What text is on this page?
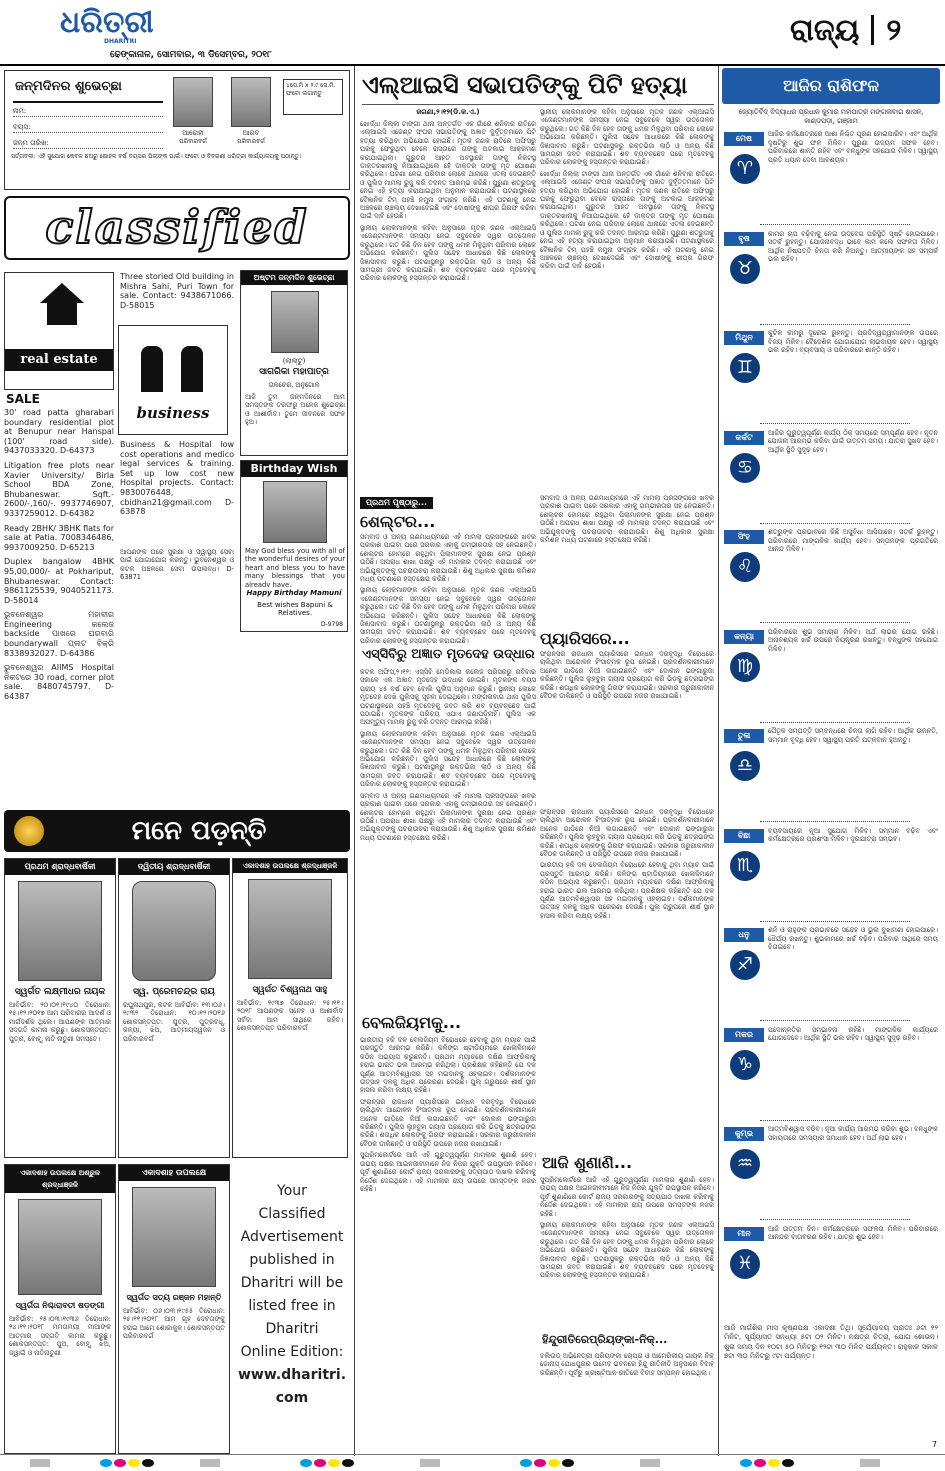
ଧରିତ୍ରୀ
DHARITRI
ଢେଙ୍କାନାଳ, ସୋମବାର, ୩ ଡିସେମ୍ବର, ୨୦୧୮
ରାଜ୍ୟ ୨
ଜନ୍ମଦିନର ଶୁଭେଚ୍ଛା
ନାମ:
ବୟସ:
ଜନ୍ମ ତାରିଖ:
ଆରୋହୀ
ପରିବାରବର୍ଗ
ଆରବ
ପରିବାରବର୍ଗ
୪ସେ.ମି x ୨.୯ ସେ.ମି. ଫଟୋ ଲଗାନ୍ତୁ
ସର୍ତ୍ତାବଳୀ: ଏହି ସୁଯୋଗ କେବଳ ଛଅରୁ ଷୋହଳ ବର୍ଷ ବୟସର ପିଲାଙ୍କ ପାଇଁ। ଫଟୋ ଓ ବିବରଣୀ ଧରିତ୍ରୀ କାର୍ଯ୍ୟାଳୟକୁ ପଠାନ୍ତୁ।
classified
real estate
SALE
30' road patta gharabari boundary residential plot at Benupur near Hanspal (100' road side). 9437033320. D-64373
Litigation free plots near Xavier University/ Birla School BDA Zone, Bhubaneswar. Sqft.- 2600/-,160/-. 9937746907, 9337259012. D-64382
Ready 2BHK/ 3BHK flats for sale at Patia. 7008346486, 9937009250. D-65213
Duplex bangalow 4BHK 95,00,000/- at Pokhariput, Bhubaneswar. Contact: 9861125539, 9040521173. D-58014
ଭୁବନେଶ୍ୱର ମହାବୀର Engineering କଲେଜ backside ପାଖରେ ଘରବାରି boundarywall ପ୍ଲଟ ବିକ୍ରି 8338932027. D-64386
ଭୁବନେଶ୍ୱର AIIMS Hospital ନିକଟରେ 30 road, corner plot sale. 8480745797. D-64387
business
Three storied Old building in Mishra Sahi, Puri Town for sale. Contact: 9438671066. D-58015
Business & Hospital low cost operations and medico legal services & training. Set up low cost new Hospital projects. Contact: 9830076448, cbidhan21@gmail.com D-63878
ଆପଣଙ୍କ ଘରେ ସୁରକ୍ଷା ଓ ସ୍ୱାସ୍ଥ୍ୟ ସେବା ପାଇଁ ଯୋଗାଯୋଗ କରନ୍ତୁ। ଭୁବନେଶ୍ୱର ଓ କଟକ ଅଞ୍ଚଳରେ ସେବା ଉପଲବ୍ଧ। D-63871
ଅଷ୍ଟମ ଜନ୍ମଦିନ ଶୁଭେଚ୍ଛା
(ଲାଲ୍ଟୁ)
ସାଗରିକା ମହାପାତ୍ର
ତାଳଚେର, ଅନୁଗୋଳ
ଆଜି ତୁମ ଜନ୍ମଦିନରେ ଆମ ସମସ୍ତଙ୍କ ତରଫରୁ ଅନେକ ଶୁଭେଚ୍ଛା ଓ ଆଶୀର୍ବାଦ। ତୁମେ ଜୀବନରେ ସଫଳ ହୁଅ।
Birthday Wish
May God bless you with all of the wonderful desires of your heart and bless you to have many blessings that you already have.
Happy Birthday Mamuni
Best wishes Bapuni & Relatives.
D-9798
ମନେ ପଡ଼ନ୍ତି
ପ୍ରଥମ ଶ୍ରାଦ୍ଧବାର୍ଷିକୀ
ସ୍ୱର୍ଗତ ଲକ୍ଷ୍ମୀଧର ନାୟକ
ଆବିର୍ଭାବ: ୨୦।୦୧।୧୯୪୦ ତିରୋଧାନ: ୧୫।୧୨।୨୦୧୭ ଆମ ପରିବାରର ଆଦର୍ଶ ଓ ମାର୍ଗଦର୍ଶକ ଥିଲେ। ଆପଣଙ୍କ ଆତ୍ମାର ସଦ୍‌ଗତି କାମନା କରୁଛୁ। ଶୋକସନ୍ତପ୍ତ: ପୁତ୍ର, ବୋହୂ, ନାତି ନାତୁଣୀ ସମସ୍ତେ।
ଦ୍ୱିତୀୟ ଶ୍ରାଦ୍ଧବାର୍ଷିକୀ
ସ୍ୱ. ପ୍ରେମଚନ୍ଦ୍ର ରାୟ
ରଘୁନାଥପୁର, କଟକ ଆବିର୍ଭାବ: ୧୩।୦୬।୧୯୩୨ ତିରୋଧାନ: ୧୦।୧୨।୨୦୧୬ ଶୋକସନ୍ତପ୍ତ: ପୁତ୍ର, ପୁତ୍ରବଧୂ, କନ୍ୟା, ଝିଅ, ଆତ୍ମୀୟସ୍ୱଜନ ଓ ପରିବାରବର୍ଗ
ଏକାଦଶାହ ଉପଲକ୍ଷେ ଶ୍ରଦ୍ଧାଞ୍ଜଳି
ସ୍ୱର୍ଗତ ବିଶ୍ୱନାଥ ସାହୁ
ଆବିର୍ଭାବ: ୧୯୩୭ ତିରୋଧାନ: ୨୫।୧୧।୨୦୧୮ ଆପଣଙ୍କ ସ୍ନେହ ଓ ଆଶୀର୍ବାଦ ସର୍ବଦା ଆମ ସାଥିରେ ରହିବ। ଶୋକସନ୍ତପ୍ତ ପରିବାରବର୍ଗ
ଏକାଦଶାହ ଉପଲକ୍ଷେ ଅଶ୍ରୁଳ ଶ୍ରଦ୍ଧାଞ୍ଜଳି
ସ୍ୱର୍ଗତା ନିଶ୍ଚାରାବତୀ ଷଡ଼ଙ୍ଗୀ
ଆବିର୍ଭାବ: ୨୫।୦୩।୧୯୩୬ ତିରୋଧାନ: ୨୪।୧୧।୨୦୧୮ ମମତାମୟୀ ମାଆଙ୍କ ଆତ୍ମାର ସଦ୍‌ଗତି କାମନା କରୁଛୁ। ଶୋକସନ୍ତପ୍ତ: ପୁଅ, ବୋହୂ, ଝିଅ, ଜ୍ୱାଇଁ ଓ ନାତିନାତୁଣୀ
ଏକାଦଶାହ ଉପଲକ୍ଷେ
ସ୍ୱର୍ଗତ ସତ୍ୟ ରଞ୍ଜନ ମହାନ୍ତି
ଆବିର୍ଭାବ: ୦୬।୦୩।୧୯୫୫ ତିରୋଧାନ: ୨୫।୧୧।୨୦୧୮ ଆମ ଗୃହ ଦେବତାଙ୍କୁ ହରାଇ ଆମେ ଶୋକାକୁଳ। ଶୋକସନ୍ତପ୍ତ ପରିବାରବର୍ଗ
Your
Classified
Advertisement
published in
Dharitri will be
listed free in
Dharitri
Online Edition:
www.dharitri.
com
ଏଲ୍‌ଆଇସି ସଭାପତିଙ୍କୁ ପିଟି ହତ୍ୟା
ଜଗଣା,୨।୧୨(ଡି.କ.ଏ.)

ଖୋର୍ଦ୍ଧା ଜିଲ୍ଲା ଟାଙ୍ଗୀ ଥାନା ଅନ୍ତର୍ଗତ ଏକ ଗାଁରେ ଶନିବାର ରାତିରେ ଏଲ୍‌ଆଇସି ଏଜେଣ୍ଟ ସଂଘର ସଭାପତିଙ୍କୁ ଅଜ୍ଞାତ ଦୁର୍ବୃତ୍ତମାନେ ପିଟି ହତ୍ୟା କରିଥିବା ଅଭିଯୋଗ ହୋଇଛି। ମୃତକ ଜଣକ ରାତିରେ ଅଫିସରୁ ଘରକୁ ଫେରୁଥିବା ବେଳେ ରାସ୍ତାରେ ତାଙ୍କୁ ଅଟକାଇ ଆକ୍ରମଣ କରାଯାଇଥିଲା। ଗୁରୁତର ଆହତ ଅବସ୍ଥାରେ ତାଙ୍କୁ ନିକଟସ୍ଥ ଡାକ୍ତରଖାନାକୁ ନିଆଯାଇଥିଲେ ହେଁ ଡାକ୍ତର ତାଙ୍କୁ ମୃତ ଘୋଷଣା କରିଥିଲେ। ଘଟଣା ନେଇ ପରିବାର ଲୋକେ ଥାନାରେ ଏତଲା ଦେଇଛନ୍ତି ଓ ପୁଲିସ ମାମଲା ରୁଜୁ କରି ତଦନ୍ତ ଆରମ୍ଭ କରିଛି। ପୁରୁଣା ଶତ୍ରୁତାକୁ ନେଇ ଏହି ହତ୍ୟା କରାଯାଇଥିବା ଅନୁମାନ କରାଯାଉଛି। ଘଟଣାସ୍ଥଳରେ ବୈଜ୍ଞାନିକ ଟିମ୍ ପହଞ୍ଚି ନମୁନା ସଂଗ୍ରହ କରିଛି। ଏହି ଘଟଣାକୁ ନେଇ ଅଞ୍ଚଳରେ ଚାଞ୍ଚଲ୍ୟ ଦେଖାଦେଇଛି ଏବଂ ଦୋଷୀଙ୍କୁ ଶୀଘ୍ର ଗିରଫ କରିବା ପାଇଁ ଦାବି ହେଉଛି।

ସ୍ଥାନୀୟ ଲୋକମାନଙ୍କ କହିବା ଅନୁସାରେ ମୃତକ ଜଣକ ଏଲ୍‌ଆଇସି ଏଜେଣ୍ଟମାନଙ୍କ ସମସ୍ୟା ନେଇ ସବୁବେଳେ ସ୍ୱର ଉତ୍ତୋଳନ କରୁଥିଲେ। ଗତ କିଛି ଦିନ ହେବ ତାଙ୍କୁ ଧମକ ମିଳୁଥିବା ପରିବାର ଲୋକେ ଅଭିଯୋଗ କରିଛନ୍ତି। ପୁଲିସ ସନ୍ଦେହ ଆଧାରରେ କିଛି ଲୋକଙ୍କୁ ଜିଜ୍ଞାସାବାଦ କରୁଛି। ଘଟଣାସ୍ଥଳରୁ ରକ୍ତଭିଜା ଲାଠି ଓ ଅନ୍ୟ କିଛି ସାମଗ୍ରୀ ଜବତ କରାଯାଇଛି। ଶବ ବ୍ୟବଚ୍ଛେଦ ପରେ ମୃତଦେହକୁ ପରିବାର ଲୋକଙ୍କୁ ହସ୍ତାନ୍ତର କରାଯାଇଛି।

ପ୍ରଥମ ପୃଷ୍ଠାରୁ...
ଶେଲ୍ଟର...

ସମ୍ବାଦ ଓ ଅନ୍ୟ ଗଣମାଧ୍ୟମରେ ଏହି ମାମଲା ପ୍ରସଙ୍ଗରେ ଖବର ପ୍ରକାଶ ପାଇବା ପରେ ସରକାର ଏହାକୁ ଗମ୍ଭୀରତାର ସହ ନେଇଛନ୍ତି। ଶେଲ୍ଟର ହୋମ୍‌ରେ ରହୁଥିବା ପିଲାମାନଙ୍କ ସୁରକ୍ଷା ନେଇ ପ୍ରଶ୍ନ ଉଠିଛି। ଅପରାଧ ଶାଖା ପକ୍ଷରୁ ଏହି ମାମଲାର ତଦନ୍ତ କରାଯାଉଛି ଏବଂ ଅଭିଯୁକ୍ତଙ୍କୁ ପଚରାଉଚରା କରାଯାଉଛି। ଶିଶୁ ଅଧିକାର ସୁରକ୍ଷା କମିଶନ ମଧ୍ୟ ଘଟଣାରେ ହସ୍ତକ୍ଷେପ କରିଛି।

ସ୍ଥାନୀୟ ଲୋକମାନଙ୍କ କହିବା ଅନୁସାରେ ମୃତକ ଜଣକ ଏଲ୍‌ଆଇସି ଏଜେଣ୍ଟମାନଙ୍କ ସମସ୍ୟା ନେଇ ସବୁବେଳେ ସ୍ୱର ଉତ୍ତୋଳନ କରୁଥିଲେ। ଗତ କିଛି ଦିନ ହେବ ତାଙ୍କୁ ଧମକ ମିଳୁଥିବା ପରିବାର ଲୋକେ ଅଭିଯୋଗ କରିଛନ୍ତି। ପୁଲିସ ସନ୍ଦେହ ଆଧାରରେ କିଛି ଲୋକଙ୍କୁ ଜିଜ୍ଞାସାବାଦ କରୁଛି। ଘଟଣାସ୍ଥଳରୁ ରକ୍ତଭିଜା ଲାଠି ଓ ଅନ୍ୟ କିଛି ସାମଗ୍ରୀ ଜବତ କରାଯାଇଛି। ଶବ ବ୍ୟବଚ୍ଛେଦ ପରେ ମୃତଦେହକୁ ପରିବାର ଲୋକଙ୍କୁ ହସ୍ତାନ୍ତର କରାଯାଇଛି।

ସ୍ଥାନୀୟ ଲୋକମାନଙ୍କ କହିବା ଅନୁସାରେ ମୃତକ ଜଣକ ଏଲ୍‌ଆଇସି ଏଜେଣ୍ଟମାନଙ୍କ ସମସ୍ୟା ନେଇ ସବୁବେଳେ ସ୍ୱର ଉତ୍ତୋଳନ କରୁଥିଲେ। ଗତ କିଛି ଦିନ ହେବ ତାଙ୍କୁ ଧମକ ମିଳୁଥିବା ପରିବାର ଲୋକେ ଅଭିଯୋଗ କରିଛନ୍ତି। ପୁଲିସ ସନ୍ଦେହ ଆଧାରରେ କିଛି ଲୋକଙ୍କୁ ଜିଜ୍ଞାସାବାଦ କରୁଛି। ଘଟଣାସ୍ଥଳରୁ ରକ୍ତଭିଜା ଲାଠି ଓ ଅନ୍ୟ କିଛି ସାମଗ୍ରୀ ଜବତ କରାଯାଇଛି। ଶବ ବ୍ୟବଚ୍ଛେଦ ପରେ ମୃତଦେହକୁ ପରିବାର ଲୋକଙ୍କୁ ହସ୍ତାନ୍ତର କରାଯାଇଛି।

ଖୋର୍ଦ୍ଧା ଜିଲ୍ଲା ଟାଙ୍ଗୀ ଥାନା ଅନ୍ତର୍ଗତ ଏକ ଗାଁରେ ଶନିବାର ରାତିରେ ଏଲ୍‌ଆଇସି ଏଜେଣ୍ଟ ସଂଘର ସଭାପତିଙ୍କୁ ଅଜ୍ଞାତ ଦୁର୍ବୃତ୍ତମାନେ ପିଟି ହତ୍ୟା କରିଥିବା ଅଭିଯୋଗ ହୋଇଛି। ମୃତକ ଜଣକ ରାତିରେ ଅଫିସରୁ ଘରକୁ ଫେରୁଥିବା ବେଳେ ରାସ୍ତାରେ ତାଙ୍କୁ ଅଟକାଇ ଆକ୍ରମଣ କରାଯାଇଥିଲା। ଗୁରୁତର ଆହତ ଅବସ୍ଥାରେ ତାଙ୍କୁ ନିକଟସ୍ଥ ଡାକ୍ତରଖାନାକୁ ନିଆଯାଇଥିଲେ ହେଁ ଡାକ୍ତର ତାଙ୍କୁ ମୃତ ଘୋଷଣା କରିଥିଲେ। ଘଟଣା ନେଇ ପରିବାର ଲୋକେ ଥାନାରେ ଏତଲା ଦେଇଛନ୍ତି ଓ ପୁଲିସ ମାମଲା ରୁଜୁ କରି ତଦନ୍ତ ଆରମ୍ଭ କରିଛି। ପୁରୁଣା ଶତ୍ରୁତାକୁ ନେଇ ଏହି ହତ୍ୟା କରାଯାଇଥିବା ଅନୁମାନ କରାଯାଉଛି। ଘଟଣାସ୍ଥଳରେ ବୈଜ୍ଞାନିକ ଟିମ୍ ପହଞ୍ଚି ନମୁନା ସଂଗ୍ରହ କରିଛି। ଏହି ଘଟଣାକୁ ନେଇ ଅଞ୍ଚଳରେ ଚାଞ୍ଚଲ୍ୟ ଦେଖାଦେଇଛି ଏବଂ ଦୋଷୀଙ୍କୁ ଶୀଘ୍ର ଗିରଫ କରିବା ପାଇଁ ଦାବି ହେଉଛି।

ସମ୍ବାଦ ଓ ଅନ୍ୟ ଗଣମାଧ୍ୟମରେ ଏହି ମାମଲା ପ୍ରସଙ୍ଗରେ ଖବର ପ୍ରକାଶ ପାଇବା ପରେ ସରକାର ଏହାକୁ ଗମ୍ଭୀରତାର ସହ ନେଇଛନ୍ତି। ଶେଲ୍ଟର ହୋମ୍‌ରେ ରହୁଥିବା ପିଲାମାନଙ୍କ ସୁରକ୍ଷା ନେଇ ପ୍ରଶ୍ନ ଉଠିଛି। ଅପରାଧ ଶାଖା ପକ୍ଷରୁ ଏହି ମାମଲାର ତଦନ୍ତ କରାଯାଉଛି ଏବଂ ଅଭିଯୁକ୍ତଙ୍କୁ ପଚରାଉଚରା କରାଯାଉଛି। ଶିଶୁ ଅଧିକାର ସୁରକ୍ଷା କମିଶନ ମଧ୍ୟ ଘଟଣାରେ ହସ୍ତକ୍ଷେପ କରିଛି।

ପ୍ୟାରିସରେ...

ଫ୍ରାନ୍ସର ରାଜଧାନୀ ପ୍ୟାରିସରେ ଇନ୍ଧନ ଦରବୃଦ୍ଧି ବିରୋଧରେ ଚାଲିଥିବା ଆନ୍ଦୋଳନ ହିଂସାତ୍ମକ ରୂପ ନେଇଛି। ପ୍ରଦର୍ଶନକାରୀମାନେ ଅନେକ ଗାଡ଼ିରେ ନିଆଁ ଲଗାଇଛନ୍ତି ଏବଂ ଦୋକାନ ଭଙ୍ଗାରୁଜା କରିଛନ୍ତି। ପୁଲିସ ଲୁହବୁହା ଗ୍ୟାସ ପ୍ରୟୋଗ କରି ଭିଡ଼କୁ ଛତ୍ରଭଙ୍ଗ କରିଛି। ଶତାଧିକ ଲୋକଙ୍କୁ ଗିରଫ କରାଯାଇଛି। ସରକାର ଜରୁରୀକାଳୀନ ବୈଠକ ଡାକିଛନ୍ତି ଓ ପରିସ୍ଥିତି ଉପରେ ନଜର ରଖାଯାଇଛି।

ଏସ୍‌ସିବିରୁ ଅଜ୍ଞାତ ମୃତଦେହ ଉଦ୍ଧାର

କଟକ ଅଫିସ,୨।୧୨: ଏସ୍‌ସିବି ମେଡିକାଲ କଲେଜ ପରିସରରୁ ରବିବାର ସକାଳେ ଏକ ଅଜ୍ଞାତ ମୃତଦେହ ଉଦ୍ଧାର ହୋଇଛି। ମୃତକଙ୍କ ବୟସ ପ୍ରାୟ ୪୫ ବର୍ଷ ହେବ ବୋଲି ପୁଲିସ ଅନୁମାନ କରୁଛି। ସ୍ଥାନୀୟ ଲୋକେ ମୃତଦେହ ଦେଖି ପୁଲିସକୁ ସୂଚନା ଦେଇଥିଲେ। ମଙ୍ଗଳାବାଗ ଥାନା ପୁଲିସ ଘଟଣାସ୍ଥଳରେ ପହଞ୍ଚି ମୃତଦେହକୁ ଜବତ କରି ଶବ ବ୍ୟବଚ୍ଛେଦ ପାଇଁ ପଠାଇଛି। ମୃତକଙ୍କ ପରିଚୟ ଏଯାଏ ଜଣାପଡ଼ିନାହିଁ। ପୁଲିସ ଏକ ଅପମୃତ୍ୟୁ ମାମଲା ରୁଜୁ କରି ତଦନ୍ତ ଆରମ୍ଭ କରିଛି।

ସ୍ଥାନୀୟ ଲୋକମାନଙ୍କ କହିବା ଅନୁସାରେ ମୃତକ ଜଣକ ଏଲ୍‌ଆଇସି ଏଜେଣ୍ଟମାନଙ୍କ ସମସ୍ୟା ନେଇ ସବୁବେଳେ ସ୍ୱର ଉତ୍ତୋଳନ କରୁଥିଲେ। ଗତ କିଛି ଦିନ ହେବ ତାଙ୍କୁ ଧମକ ମିଳୁଥିବା ପରିବାର ଲୋକେ ଅଭିଯୋଗ କରିଛନ୍ତି। ପୁଲିସ ସନ୍ଦେହ ଆଧାରରେ କିଛି ଲୋକଙ୍କୁ ଜିଜ୍ଞାସାବାଦ କରୁଛି। ଘଟଣାସ୍ଥଳରୁ ରକ୍ତଭିଜା ଲାଠି ଓ ଅନ୍ୟ କିଛି ସାମଗ୍ରୀ ଜବତ କରାଯାଇଛି। ଶବ ବ୍ୟବଚ୍ଛେଦ ପରେ ମୃତଦେହକୁ ପରିବାର ଲୋକଙ୍କୁ ହସ୍ତାନ୍ତର କରାଯାଇଛି।

ସମ୍ବାଦ ଓ ଅନ୍ୟ ଗଣମାଧ୍ୟମରେ ଏହି ମାମଲା ପ୍ରସଙ୍ଗରେ ଖବର ପ୍ରକାଶ ପାଇବା ପରେ ସରକାର ଏହାକୁ ଗମ୍ଭୀରତାର ସହ ନେଇଛନ୍ତି। ଶେଲ୍ଟର ହୋମ୍‌ରେ ରହୁଥିବା ପିଲାମାନଙ୍କ ସୁରକ୍ଷା ନେଇ ପ୍ରଶ୍ନ ଉଠିଛି। ଅପରାଧ ଶାଖା ପକ୍ଷରୁ ଏହି ମାମଲାର ତଦନ୍ତ କରାଯାଉଛି ଏବଂ ଅଭିଯୁକ୍ତଙ୍କୁ ପଚରାଉଚରା କରାଯାଉଛି। ଶିଶୁ ଅଧିକାର ସୁରକ୍ଷା କମିଶନ ମଧ୍ୟ ଘଟଣାରେ ହସ୍ତକ୍ଷେପ କରିଛି।

ବେଲଜିୟମକୁ...

ଭାରତୀୟ ହକି ଦଳ ବେଲଜିୟମ ବିରୋଧରେ ହେବାକୁ ଥିବା ମ୍ୟାଚ ପାଇଁ ପ୍ରସ୍ତୁତି ଆରମ୍ଭ କରିଛି। କଳିଙ୍ଗ ଷ୍ଟାଡିୟମରେ ଖେଳାଳିମାନେ କଠିନ ଅଭ୍ୟାସ କରୁଛନ୍ତି। ପ୍ରଥମ ମ୍ୟାଚରେ ଦକ୍ଷିଣ ଆଫ୍ରିକାକୁ ହରାଇ ଭାରତ ଭଲ ଆରମ୍ଭ କରିଥିଲା। ପ୍ରଶିକ୍ଷକ କହିଛନ୍ତି ଯେ ଦଳ ପୂର୍ଣ୍ଣ ଆତ୍ମବିଶ୍ୱାସର ସହ ମଇଦାନକୁ ଓହ୍ଲାଇବ। ଦର୍ଶକମାନଙ୍କ ଉତ୍ସାହ ଦଳକୁ ଅଧିକ ପ୍ରେରଣା ଦେଉଛି। ପୁଲ୍ ଗ୍ରୁପରେ ଶୀର୍ଷ ସ୍ଥାନ ହାସଲ କରିବା ଲକ୍ଷ୍ୟ ରହିଛି।

ଫ୍ରାନ୍ସର ରାଜଧାନୀ ପ୍ୟାରିସରେ ଇନ୍ଧନ ଦରବୃଦ୍ଧି ବିରୋଧରେ ଚାଲିଥିବା ଆନ୍ଦୋଳନ ହିଂସାତ୍ମକ ରୂପ ନେଇଛି। ପ୍ରଦର୍ଶନକାରୀମାନେ ଅନେକ ଗାଡ଼ିରେ ନିଆଁ ଲଗାଇଛନ୍ତି ଏବଂ ଦୋକାନ ଭଙ୍ଗାରୁଜା କରିଛନ୍ତି। ପୁଲିସ ଲୁହବୁହା ଗ୍ୟାସ ପ୍ରୟୋଗ କରି ଭିଡ଼କୁ ଛତ୍ରଭଙ୍ଗ କରିଛି। ଶତାଧିକ ଲୋକଙ୍କୁ ଗିରଫ କରାଯାଇଛି। ସରକାର ଜରୁରୀକାଳୀନ ବୈଠକ ଡାକିଛନ୍ତି ଓ ପରିସ୍ଥିତି ଉପରେ ନଜର ରଖାଯାଇଛି।

ସୁପ୍ରିମକୋର୍ଟରେ ଆଜି ଏହି ଗୁରୁତ୍ୱପୂର୍ଣ୍ଣ ମାମଲାର ଶୁଣାଣି ହେବ। ଉଭୟ ପକ୍ଷର ଆଇନଜୀବୀମାନେ ନିଜ ନିଜର ଯୁକ୍ତି ଉପସ୍ଥାପନ କରିବେ। ପୂର୍ବ ଶୁଣାଣିରେ କୋର୍ଟ ରାଜ୍ୟ ସରକାରଙ୍କୁ ସତ୍ୟପାଠ ଦାଖଲ କରିବାକୁ ନିର୍ଦ୍ଦେଶ ଦେଇଥିଲେ। ଏହି ମାମଲାର ରାୟ ଉପରେ ସମସ୍ତଙ୍କ ନଜର ରହିଛି।

ଫ୍ରାନ୍ସର ରାଜଧାନୀ ପ୍ୟାରିସରେ ଇନ୍ଧନ ଦରବୃଦ୍ଧି ବିରୋଧରେ ଚାଲିଥିବା ଆନ୍ଦୋଳନ ହିଂସାତ୍ମକ ରୂପ ନେଇଛି। ପ୍ରଦର୍ଶନକାରୀମାନେ ଅନେକ ଗାଡ଼ିରେ ନିଆଁ ଲଗାଇଛନ୍ତି ଏବଂ ଦୋକାନ ଭଙ୍ଗାରୁଜା କରିଛନ୍ତି। ପୁଲିସ ଲୁହବୁହା ଗ୍ୟାସ ପ୍ରୟୋଗ କରି ଭିଡ଼କୁ ଛତ୍ରଭଙ୍ଗ କରିଛି। ଶତାଧିକ ଲୋକଙ୍କୁ ଗିରଫ କରାଯାଇଛି। ସରକାର ଜରୁରୀକାଳୀନ ବୈଠକ ଡାକିଛନ୍ତି ଓ ପରିସ୍ଥିତି ଉପରେ ନଜର ରଖାଯାଇଛି।

ଭାରତୀୟ ହକି ଦଳ ବେଲଜିୟମ ବିରୋଧରେ ହେବାକୁ ଥିବା ମ୍ୟାଚ ପାଇଁ ପ୍ରସ୍ତୁତି ଆରମ୍ଭ କରିଛି। କଳିଙ୍ଗ ଷ୍ଟାଡିୟମରେ ଖେଳାଳିମାନେ କଠିନ ଅଭ୍ୟାସ କରୁଛନ୍ତି। ପ୍ରଥମ ମ୍ୟାଚରେ ଦକ୍ଷିଣ ଆଫ୍ରିକାକୁ ହରାଇ ଭାରତ ଭଲ ଆରମ୍ଭ କରିଥିଲା। ପ୍ରଶିକ୍ଷକ କହିଛନ୍ତି ଯେ ଦଳ ପୂର୍ଣ୍ଣ ଆତ୍ମବିଶ୍ୱାସର ସହ ମଇଦାନକୁ ଓହ୍ଲାଇବ। ଦର୍ଶକମାନଙ୍କ ଉତ୍ସାହ ଦଳକୁ ଅଧିକ ପ୍ରେରଣା ଦେଉଛି। ପୁଲ୍ ଗ୍ରୁପରେ ଶୀର୍ଷ ସ୍ଥାନ ହାସଲ କରିବା ଲକ୍ଷ୍ୟ ରହିଛି।

ଆଜି ଶୁଣାଣି...

ସୁପ୍ରିମକୋର୍ଟରେ ଆଜି ଏହି ଗୁରୁତ୍ୱପୂର୍ଣ୍ଣ ମାମଲାର ଶୁଣାଣି ହେବ। ଉଭୟ ପକ୍ଷର ଆଇନଜୀବୀମାନେ ନିଜ ନିଜର ଯୁକ୍ତି ଉପସ୍ଥାପନ କରିବେ। ପୂର୍ବ ଶୁଣାଣିରେ କୋର୍ଟ ରାଜ୍ୟ ସରକାରଙ୍କୁ ସତ୍ୟପାଠ ଦାଖଲ କରିବାକୁ ନିର୍ଦ୍ଦେଶ ଦେଇଥିଲେ। ଏହି ମାମଲାର ରାୟ ଉପରେ ସମସ୍ତଙ୍କ ନଜର ରହିଛି।

ସ୍ଥାନୀୟ ଲୋକମାନଙ୍କ କହିବା ଅନୁସାରେ ମୃତକ ଜଣକ ଏଲ୍‌ଆଇସି ଏଜେଣ୍ଟମାନଙ୍କ ସମସ୍ୟା ନେଇ ସବୁବେଳେ ସ୍ୱର ଉତ୍ତୋଳନ କରୁଥିଲେ। ଗତ କିଛି ଦିନ ହେବ ତାଙ୍କୁ ଧମକ ମିଳୁଥିବା ପରିବାର ଲୋକେ ଅଭିଯୋଗ କରିଛନ୍ତି। ପୁଲିସ ସନ୍ଦେହ ଆଧାରରେ କିଛି ଲୋକଙ୍କୁ ଜିଜ୍ଞାସାବାଦ କରୁଛି। ଘଟଣାସ୍ଥଳରୁ ରକ୍ତଭିଜା ଲାଠି ଓ ଅନ୍ୟ କିଛି ସାମଗ୍ରୀ ଜବତ କରାଯାଇଛି। ଶବ ବ୍ୟବଚ୍ଛେଦ ପରେ ମୃତଦେହକୁ ପରିବାର ଲୋକଙ୍କୁ ହସ୍ତାନ୍ତର କରାଯାଇଛି।

ହିନ୍ଦୁରୀତିରେପ୍ରିୟଙ୍କା-ନିକ୍...

ବଲିଉଡ୍ ଅଭିନେତ୍ରୀ ପ୍ରିୟଙ୍କା ଚୋପ୍ରା ଓ ଆମେରିକୀୟ ଗାୟକ ନିକ୍ ଜୋନାସ୍ ଯୋଧପୁରର ଉମେଦ ଭବନରେ ହିନ୍ଦୁ ରୀତିନୀତି ଅନୁସାରେ ବିବାହ କରିଛନ୍ତି। ପୂର୍ବରୁ ଖ୍ରୀଷ୍ଟିଆନ ରୀତିରେ ବିବାହ ସମ୍ପନ୍ନ ହୋଇଥିଲା।

ଆଜିର ରାଶିଫଳ
ଜ୍ୟୋତିର୍ବିଦ୍ ବିଦ୍ୟାଧର ପ୍ରଧାନ କୁମାର ମହାପାତ୍ର ମଙ୍ଗଳାବାଗ ଶାସନ, କାଣ୍ଡପଡ଼ା, ଗଞ୍ଜାମ
ମେଷ
♈
ଆଜିର କର୍ମକ୍ଷେତ୍ରରେ ଆଶା ନିଶ୍ଚିତ ପୂରଣ ହୋଇପାରିବ। ଏବଂ ଆର୍ଥିକ ଦୃଷ୍ଟିରୁ ଶୁଭ ଫଳ ମିଳିବ। ପୁରୁଣା ଉଦ୍ୟମ ସଫଳ ହେବ। ପରିବାରରେ ଶାନ୍ତି ରହିବ ଏବଂ ବନ୍ଧୁଙ୍କ ସହଯୋଗ ମିଳିବ। ସ୍ୱାସ୍ଥ୍ୟ ପ୍ରତି ଧ୍ୟାନ ଦେବା ଆବଶ୍ୟକ।
ବୃଷ
♉
କାମର ଚାପ ବଢ଼ିବାକୁ ନେଇ ଉଦ୍‌ବେଗ ପରିସ୍ଥିତି ସୃଷ୍ଟି ହୋଇପାରେ। ସତର୍କ ରୁହନ୍ତୁ। ଯୋଜନାବଦ୍ଧ ଭାବେ କାମ କଲେ ସଫଳତା ମିଳିବ। ଆର୍ଥିକ ନିଷ୍ପତ୍ତି ଚିନ୍ତା କରି ନିଅନ୍ତୁ। ଆତ୍ମୀୟଙ୍କ ସହ ସମ୍ପର୍କ ଭଲ ରହିବ।
ମିଥୁନ
♊
କୁଟିଳ କାମରୁ ଦୂରେଇ ରୁହନ୍ତୁ। ପ୍ରତିଦ୍ୱନ୍ଦ୍ୱୀମାନଙ୍କ ଉପରେ ବିଜୟ ମିଳିବ। ବୈଦେଶିକ ଯୋଗାଯୋଗ ଲାଭଦାୟକ ହେବ। ସ୍ୱାସ୍ଥ୍ୟ ଭଲ ରହିବ। ବ୍ୟବସାୟ ଓ ପରିବାରରେ ଶାନ୍ତି ରହିବ।
କର୍କଟ
♋
ଆଜିର ଗୁରୁତ୍ୱପୂର୍ଣ୍ଣ କାର୍ଯ୍ୟ ଠିକ୍ ସମୟରେ ସମ୍ପୂର୍ଣ୍ଣ ହେବ। ନୂତନ ଯୋଜନା ଆରମ୍ଭ କରିବା ପାଇଁ ଉତ୍ତମ ସମୟ। ଯାତ୍ରା ସୁଖଦ ହେବ। ଆର୍ଥିକ ସ୍ଥିତି ସୁଦୃଢ଼ ହେବ।
ସିଂହ
♌
ଶତ୍ରୁଙ୍କ ପ୍ରଭାବରେ କିଛି ଅସୁବିଧା ଆସିପାରେ। ସତର୍କ ରୁହନ୍ତୁ। ପରିବାରରେ ମାଙ୍ଗଳିକ କାର୍ଯ୍ୟ ହେବ। ସନ୍ତାନଙ୍କ ପ୍ରଗତିରେ ଆନନ୍ଦ ମିଳିବ।
କନ୍ୟା
♍
ପରିବାରରେ ଶୁଭ ସମାଚାର ମିଳିବ। ଅର୍ଥ ଲାଭର ଯୋଗ ରହିଛି। ଅନାବଶ୍ୟକ ଖର୍ଚ୍ଚ ଉପରେ ନିୟନ୍ତ୍ରଣ ରଖନ୍ତୁ। ବନ୍ଧୁଙ୍କ ସହଯୋଗ ମିଳିବ।
ତୁଳା
♎
ପୈତୃକ ସମ୍ପତ୍ତି ସମ୍ବନ୍ଧରେ ଚିନ୍ତା ଲାଗି ରହିବ। ଆର୍ଥିକ ଉନ୍ନତି, ସମ୍ମାନ ବୃଦ୍ଧି ହେବ। ସ୍ୱାସ୍ଥ୍ୟ ପ୍ରତି ଯତ୍ନବାନ ହୁଅନ୍ତୁ।
ବିଛା
♏
ବ୍ୟବସାୟରେ ନୂଆ ସୁଯୋଗ ମିଳିବ। ସମ୍ମାନ ବଢ଼ିବ ଏବଂ କର୍ମକ୍ଷେତ୍ରରେ ପ୍ରଶଂସା ମିଳିବ। ଦୂରଯାତ୍ରା ସମ୍ଭବ।
ଧନୁ
♐
ଶନି ଓ ରାହୁଙ୍କ ପ୍ରଭାବରେ ସନ୍ଦେହ ଓ ଭୁଲ ବୁଝାମଣା ହୋଇପାରେ। ଧୈର୍ଯ୍ୟ ରଖନ୍ତୁ। ଶୁଭକାମରେ ଖର୍ଚ୍ଚ ବଢ଼ିବ। ପରିବାର ସାଥିରେ ସମୟ ବିତାଇବେ।
ମକର
♑
ପଦୋନ୍ନତିର ସମ୍ଭାବନା ରହିଛି। ମାଙ୍ଗଳିକ କାର୍ଯ୍ୟରେ ଯୋଗଦେବେ। ଆର୍ଥିକ ସ୍ଥିତି ଭଲ ରହିବ। ସ୍ୱାସ୍ଥ୍ୟ ସୁଦୃଢ଼ ରହିବ।
କୁମ୍ଭ
♒
ଆତ୍ମବିଶ୍ୱାସ ବଢ଼ିବ। ନୂଆ କାର୍ଯ୍ୟ ଆରମ୍ଭ କରିବା ଶୁଭ। ବନ୍ଧୁଙ୍କ ସହାୟତାରେ ସମସ୍ୟାର ସମାଧାନ ହେବ। ଅର୍ଥ ଲାଭ ହେବ।
ମୀନ
♓
ଆଜି ଉତ୍ତମ ଦିନ। କର୍ମକ୍ଷେତ୍ରରେ ସଫଳତା ମିଳିବ। ପରିବାରରେ ଆନନ୍ଦର ବାତାବରଣ ରହିବ। ଯାତ୍ରା ଶୁଭ ହେବ।
ଆଜି ମାର୍ଗଶିର ମାସ କୃଷ୍ଣପକ୍ଷ ଏକାଦଶୀ ତିଥି। ସୂର୍ଯ୍ୟୋଦୟ ପ୍ରାତଃ ୬ଟା ୧୨ ମିନିଟ, ସୂର୍ଯ୍ୟାସ୍ତ ସନ୍ଧ୍ୟା ୫ଟା ୦୨ ମିନିଟ। ନକ୍ଷତ୍ର ଚିତ୍ରା, ଯୋଗ ଶୋଭନ। ଶୁଭ ସମୟ ଦିନ ୧୦ଟା ୫୦ ମିନିଟରୁ ୧୨ଟା ୩୦ ମିନିଟ ପର୍ଯ୍ୟନ୍ତ। ରାହୁକାଳ ସକାଳ ୭ଟା ୩୦ ମିନିଟରୁ ୯ଟା ପର୍ଯ୍ୟନ୍ତ।
7
